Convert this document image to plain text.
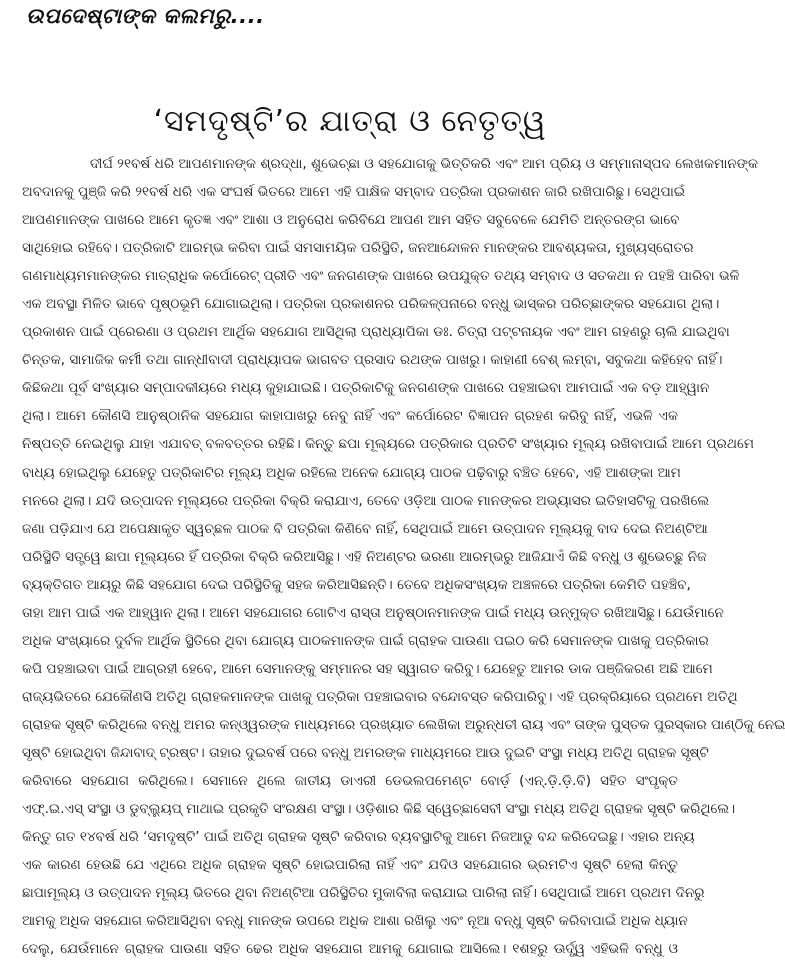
ଉପଦେଷ୍ଟାଙ୍କ କଲମରୁ....
‘ସମଦୃଷ୍ଟି’ର ଯାତ୍ରା ଓ ନେତୃତ୍ୱ
ଦୀର୍ଘ ୨୧ବର୍ଷ ଧରି ଆପଣମାନଙ୍କ ଶ୍ରଦ୍ଧା, ଶୁଭେଚ୍ଛା ଓ ସହଯୋଗକୁ ଭିତ୍ତିକରି ଏବଂ ଆମ ପ୍ରିୟ ଓ ସମ୍ମାନାସ୍ପଦ ଲେଖକମାନଙ୍କ
ଅବଦାନକୁ ପୁଞ୍ଜି କରି ୨୧ବର୍ଷ ଧରି ଏକ ସଂଘର୍ଷ ଭିତରେ ଆମେ ଏହି ପାକ୍ଷିକ ସମ୍ବାଦ ପତ୍ରିକା ପ୍ରକାଶନ ଜାରି ରଖିପାରିଛୁ। ସେଥିପାଇଁ
ଆପଣମାନଙ୍କ ପାଖରେ ଆମେ କୃତଜ୍ଞ ଏବଂ ଆଶା ଓ ଅନୁରୋଧ କରିବିଯେ ଆପଣ ଆମ ସହିତ ସବୁବେଳେ ଯେମିତି ଅନ୍ତରଙ୍ଗ ଭାବେ
ସାଥିହୋଇ ରହିବେ। ପତ୍ରିକାଟି ଆରମ୍ଭ କରିବା ପାଇଁ ସମସାମୟିକ ପରିସ୍ଥିତି, ଜନଆନ୍ଦୋଳନ ମାନଙ୍କର ଆବଶ୍ୟକତା, ମୁଖ୍ୟସ୍ରୋତର
ଗଣମାଧ୍ୟମମାନଙ୍କର ମାତ୍ରାଧିକ କର୍ପୋରେଟ୍ ପ୍ରୀତି ଏବଂ ଜନଗଣଙ୍କ ପାଖରେ ଉପଯୁକ୍ତ ତଥ୍ୟ ସମ୍ବାଦ ଓ ସତକଥା ନ ପହଞ୍ଚି ପାରିବା ଭଳି
ଏକ ଅବସ୍ଥା ମିଳିତ ଭାବେ ପୃଷ୍ଠଭୂମି ଯୋଗାଇଥିଲା। ପତ୍ରିକା ପ୍ରକାଶନର ପରିକଳ୍ପନାରେ ବନ୍ଧୁ ଭାସ୍କର ପରିଚ୍ଛାଙ୍କର ସହଯୋଗ ଥିଲା।
ପ୍ରକାଶନ ପାଇଁ ପ୍ରେରଣା ଓ ପ୍ରଥମ ଆର୍ଥିକ ସହଯୋଗ ଆସିଥିଲା ପ୍ରାଧ୍ୟାପିକା ଡଃ. ଚିତ୍ରା ପଟ୍ଟନାୟକ ଏବଂ ଆମ ଗହଣରୁ ଚାଲି ଯାଇଥିବା
ଚିନ୍ତକ, ସାମାଜିକ କର୍ମୀ ତଥା ଗାନ୍ଧୀବାଦୀ ପ୍ରାଧ୍ୟାପକ ଭାଗବତ ପ୍ରସାଦ ରଥଙ୍କ ପାଖରୁ। କାହାଣୀ ବେଶ୍ ଲମ୍ବା, ସବୁକଥା କହିହେବ ନାହିଁ।
କିଛିକଥା ପୂର୍ବ ସଂଖ୍ୟାର ସମ୍ପାଦକୀୟରେ ମଧ୍ୟ କୁହାଯାଇଛି। ପତ୍ରିକାଟିକୁ ଜନଗଣଙ୍କ ପାଖରେ ପହଞ୍ଚାଇବା ଆମପାଇଁ ଏକ ବଡ଼ ଆହ୍ୱାନ
ଥିଲା। ଆମେ କୌଣସି ଆନୁଷ୍ଠାନିକ ସହଯୋଗ କାହାପାଖରୁ ନେବୁ ନାହିଁ ଏବଂ କର୍ପୋରେଟ ବିଜ୍ଞାପନ ଗ୍ରହଣ କରିବୁ ନାହିଁ, ଏଭଳି ଏକ
ନିଷ୍ପତ୍ତି ନେଇଥିଲୁ ଯାହା ଏଯାବତ୍ ବଳବତ୍ତର ରହିଛି। କିନ୍ତୁ ଛପା ମୂଲ୍ୟରେ ପତ୍ରିକାର ପ୍ରତିଟି ସଂଖ୍ୟାର ମୂଲ୍ୟ ରଖିବାପାଇଁ ଆମେ ପ୍ରଥମେ
ବାଧ୍ୟ ହୋଇଥିଲୁ ଯେହେତୁ ପତ୍ରିକାଟିର ମୂଲ୍ୟ ଅଧିକ ରହିଲେ ଅନେକ ଯୋଗ୍ୟ ପାଠକ ପଢ଼ିବାରୁ ବଞ୍ଚିତ ହେବେ, ଏହି ଆଶଙ୍କା ଆମ
ମନରେ ଥିଲା। ଯଦି ଉତ୍ପାଦନ ମୂଲ୍ୟରେ ପତ୍ରିକା ବିକ୍ରି କରାଯାଏ, ତେବେ ଓଡ଼ିଆ ପାଠକ ମାନଙ୍କର ଅଭ୍ୟାସର ଇତିହାସଟିକୁ ପରଖିଲେ
ଜଣା ପଡ଼ିଯାଏ ଯେ ଅପେକ୍ଷାକୃତ ସ୍ୱଚ୍ଛଳ ପାଠକ ବି ପତ୍ରିକା କିଣିବେ ନାହିଁ, ସେଥିପାଇଁ ଆମେ ଉତ୍ପାଦନ ମୂଲ୍ୟକୁ ବାଦ ଦେଇ ନିଅଣ୍ଟିଆ
ପରିସ୍ଥିତି ସତ୍ତ୍ୱେ ଛାପା ମୂଲ୍ୟରେ ହିଁ ପତ୍ରିକା ବିକ୍ରି କରିଆସିଛୁ। ଏହି ନିଅଣ୍ଟର ଭରଣା ଆରମ୍ଭରୁ ଆଜିଯାଏଁ କିଛି ବନ୍ଧୁ ଓ ଶୁଭେଚ୍ଛୁ ନିଜ
ବ୍ୟକ୍ତିଗତ ଆୟରୁ କିଛି ସହଯୋଗ ଦେଇ ପରିସ୍ଥିତିକୁ ସହଜ କରିଆସିଛନ୍ତି। ତେବେ ଅଧିକସଂଖ୍ୟକ ଅଞ୍ଚଳରେ ପତ୍ରିକା କେମିତି ପହଞ୍ଚିବ,
ତାହା ଆମ ପାଇଁ ଏକ ଆହ୍ୱାନ ଥିଲା। ଆମେ ସହଯୋଗର ଗୋଟିଏ ରାସ୍ତା ଅନୁଷ୍ଠାନମାନଙ୍କ ପାଇଁ ମଧ୍ୟ ଉନ୍ମୁକ୍ତ ରଖିଆସିଛୁ। ଯେଉଁମାନେ
ଅଧିକ ସଂଖ୍ୟାରେ ଦୁର୍ବଳ ଆର୍ଥିକ ସ୍ଥିତିରେ ଥିବା ଯୋଗ୍ୟ ପାଠକମାନଙ୍କ ପାଇଁ ଗ୍ରାହକ ପାଉଣା ପଇଠ କରି ସେମାନଙ୍କ ପାଖକୁ ପତ୍ରିକାର
କପି ପହଞ୍ଚାଇବା ପାଇଁ ଆଗ୍ରହୀ ହେବେ, ଆମେ ସେମାନଙ୍କୁ ସମ୍ମାନର ସହ ସ୍ୱାଗତ କରିବୁ। ଯେହେତୁ ଆମର ଡାକ ପଞ୍ଜିକରଣ ଅଛି ଆମେ
ରାଜ୍ୟଭିତରେ ଯେକୌଣସି ଅତିଥି ଗ୍ରାହକମାନଙ୍କ ପାଖକୁ ପତ୍ରିକା ପହଞ୍ଚାଇବାର ବନ୍ଦୋବସ୍ତ କରିପାରିବୁ। ଏହି ପ୍ରକ୍ରିୟାରେ ପ୍ରଥମେ ଅତିଥି
ଗ୍ରାହକ ସୃଷ୍ଟି କରିଥିଲେ ବନ୍ଧୁ ଅମର କନ୍ଓ୍ୱରଙ୍କ ମାଧ୍ୟମରେ ପ୍ରଖ୍ୟାତ ଲେଖିକା ଅରୁନ୍ଧତୀ ରାୟ ଏବଂ ତାଙ୍କ ପୁସ୍ତକ ପୁରସ୍କାର ପାଣ୍ଠିକୁ ନେଇ
ସୃଷ୍ଟି ହୋଇଥିବା ଜିନ୍ଦାବାଦ୍ ଟ୍ରଷ୍ଟ। ତାହାର ଦୁଇବର୍ଷ ପରେ ବନ୍ଧୁ ଅମରଙ୍କ ମାଧ୍ୟମରେ ଆଉ ଦୁଇଟି ସଂସ୍ଥା ମଧ୍ୟ ଅତିଥି ଗ୍ରାହକ ସୃଷ୍ଟି
କରିବାରେ ସହଯୋଗ କରିଥିଲେ। ସେମାନେ ଥିଲେ ଜାତୀୟ ଡାଏରୀ ଡେଭଲପମେଣ୍ଟ ବୋର୍ଡ଼ (ଏନ୍.ଡ଼ି.ଡ଼ି.ବି) ସହିତ ସଂପୃକ୍ତ
ଏଫ୍.ଇ.ଏସ୍ ସଂସ୍ଥା ଓ ଡୁବ୍ଲ୍ୟୁପ୍ ମାଥାଇ ପ୍ରକୃତି ସଂରକ୍ଷଣ ସଂସ୍ଥା। ଓଡ଼ିଶାର କିଛି ସ୍ୱେଚ୍ଛାସେବୀ ସଂସ୍ଥା ମଧ୍ୟ ଅତିଥି ଗ୍ରାହକ ସୃଷ୍ଟି କରିଥିଲେ।
କିନ୍ତୁ ଗତ ୧୪ବର୍ଷ ଧରି ‘ସମଦୃଷ୍ଟି’ ପାଇଁ ଅତିଥି ଗ୍ରାହକ ସୃଷ୍ଟି କରିବାର ବ୍ୟବସ୍ଥାଟିକୁ ଆମେ ନିଜଆଡୁ ବନ୍ଦ କରିଦେଇଛୁ। ଏହାର ଅନ୍ୟ
ଏକ କାରଣ ହେଉଛି ଯେ ଏଥିରେ ଅଧିକ ଗ୍ରାହକ ସୃଷ୍ଟି ହୋଇପାରିଲା ନାହିଁ ଏବଂ ଯଦିଓ ସହଯୋଗର ଭ୍ରମଟିଏ ସୃଷ୍ଟି ହେଲା କିନ୍ତୁ
ଛାପାମୂଲ୍ୟ ଓ ଉତ୍ପାଦନ ମୂଲ୍ୟ ଭିତରେ ଥିବା ନିଅଣ୍ଟିଆ ପରିସ୍ଥିତିର ମୁକାବିଲା କରାଯାଇ ପାରିଲା ନାହିଁ। ସେଥିପାଇଁ ଆମେ ପ୍ରଥମ ଦିନରୁ
ଆମକୁ ଅଧିକ ସହଯୋଗ କରିଆସିଥିବା ବନ୍ଧୁ ମାନଙ୍କ ଉପରେ ଅଧିକ ଆଶା ରଖିଲୁ ଏବଂ ନୂଆ ବନ୍ଧୁ ସୃଷ୍ଟି କରିବାପାଇଁ ଅଧିକ ଧ୍ୟାନ
ଦେଲୁ, ଯେଉଁମାନେ ଗ୍ରାହକ ପାଉଣା ସହିତ ଢେର ଅଧିକ ସହଯୋଗ ଆମକୁ ଯୋଗାଇ ଆସିଲେ। ୧ଶହରୁ ଊର୍ଦ୍ଧ୍ୱ ଏହିଭଳି ବନ୍ଧୁ ଓ
